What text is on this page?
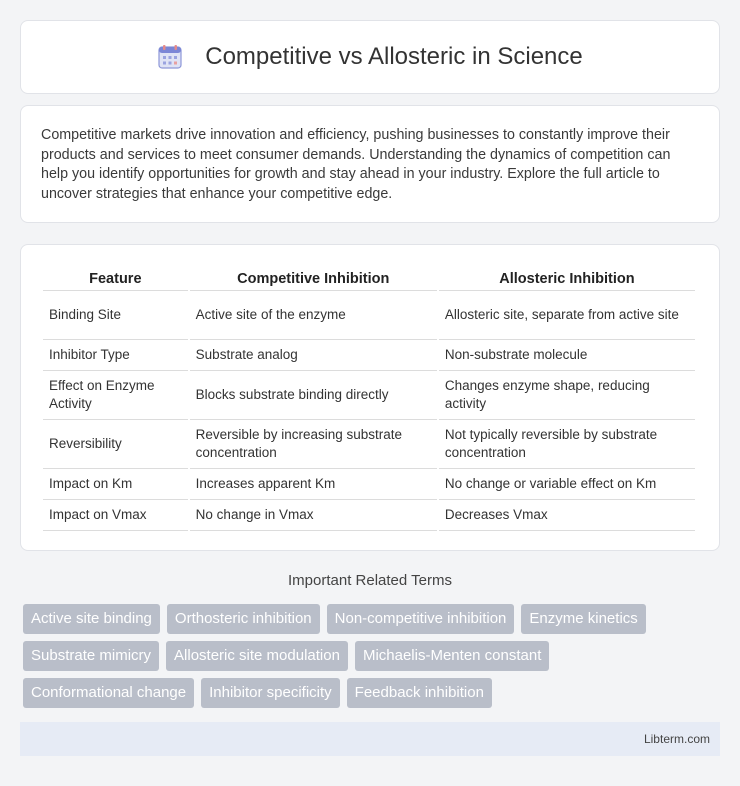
Competitive vs Allosteric in Science

Competitive markets drive innovation and efficiency, pushing businesses to constantly improve their products and services to meet consumer demands. Understanding the dynamics of competition can help you identify opportunities for growth and stay ahead in your industry. Explore the full article to uncover strategies that enhance your competitive edge.

Feature	Competitive Inhibition	Allosteric Inhibition
Binding Site	Active site of the enzyme	Allosteric site, separate from active site
Inhibitor Type	Substrate analog	Non-substrate molecule
Effect on Enzyme Activity	Blocks substrate binding directly	Changes enzyme shape, reducing activity
Reversibility	Reversible by increasing substrate concentration	Not typically reversible by substrate concentration
Impact on Km	Increases apparent Km	No change or variable effect on Km
Impact on Vmax	No change in Vmax	Decreases Vmax
Important Related Terms
Active site binding	Orthosteric inhibition	Non-competitive inhibition	Enzyme kinetics
Substrate mimicry	Allosteric site modulation	Michaelis-Menten constant
Conformational change	Inhibitor specificity	Feedback inhibition
Libterm.com
